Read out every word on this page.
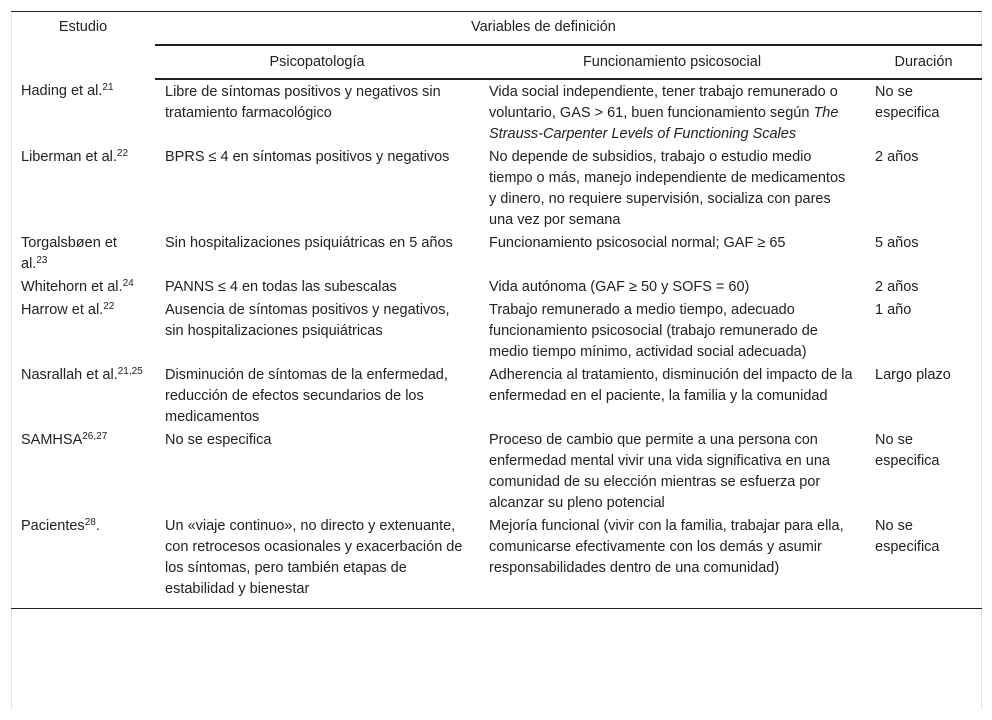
Estudio	Variables de definición		
	Psicopatología	Funcionamiento psicosocial	Duración
Hading et al.$^{21}$	Libre de síntomas positivos y negativos sin tratamiento farmacológico	Vida social independiente, tener trabajo remunerado o voluntario, GAS > 61, buen funcionamiento según The Strauss-Carpenter Levels of Functioning Scales	No se especifica
Liberman et al.$^{22}$	BPRS ≤ 4 en síntomas positivos y negativos	No depende de subsidios, trabajo o estudio medio tiempo o más, manejo independiente de medicamentos y dinero, no requiere supervisión, socializa con pares una vez por semana	2 años
Torgalsbøen et al.$^{23}$	Sin hospitalizaciones psiquiátricas en 5 años	Funcionamiento psicosocial normal; GAF ≥ 65	5 años
Whitehorn et al.$^{24}$	PANNS ≤ 4 en todas las subescalas	Vida autónoma (GAF ≥ 50 y SOFS = 60)	2 años
Harrow et al.$^{22}$	Ausencia de síntomas positivos y negativos, sin hospitalizaciones psiquiátricas	Trabajo remunerado a medio tiempo, adecuado funcionamiento psicosocial (trabajo remunerado de medio tiempo mínimo, actividad social adecuada)	1 año
Nasrallah et al.$^{21,25}$	Disminución de síntomas de la enfermedad, reducción de efectos secundarios de los medicamentos	Adherencia al tratamiento, disminución del impacto de la enfermedad en el paciente, la familia y la comunidad	Largo plazo
SAMHSA$^{26,27}$	No se especifica	Proceso de cambio que permite a una persona con enfermedad mental vivir una vida significativa en una comunidad de su elección mientras se esfuerza por alcanzar su pleno potencial	No se especifica
Pacientes$^{28}$.	Un «viaje continuo», no directo y extenuante, con retrocesos ocasionales y exacerbación de los síntomas, pero también etapas de estabilidad y bienestar	Mejoría funcional (vivir con la familia, trabajar para ella, comunicarse efectivamente con los demás y asumir responsabilidades dentro de una comunidad)	No se especifica
